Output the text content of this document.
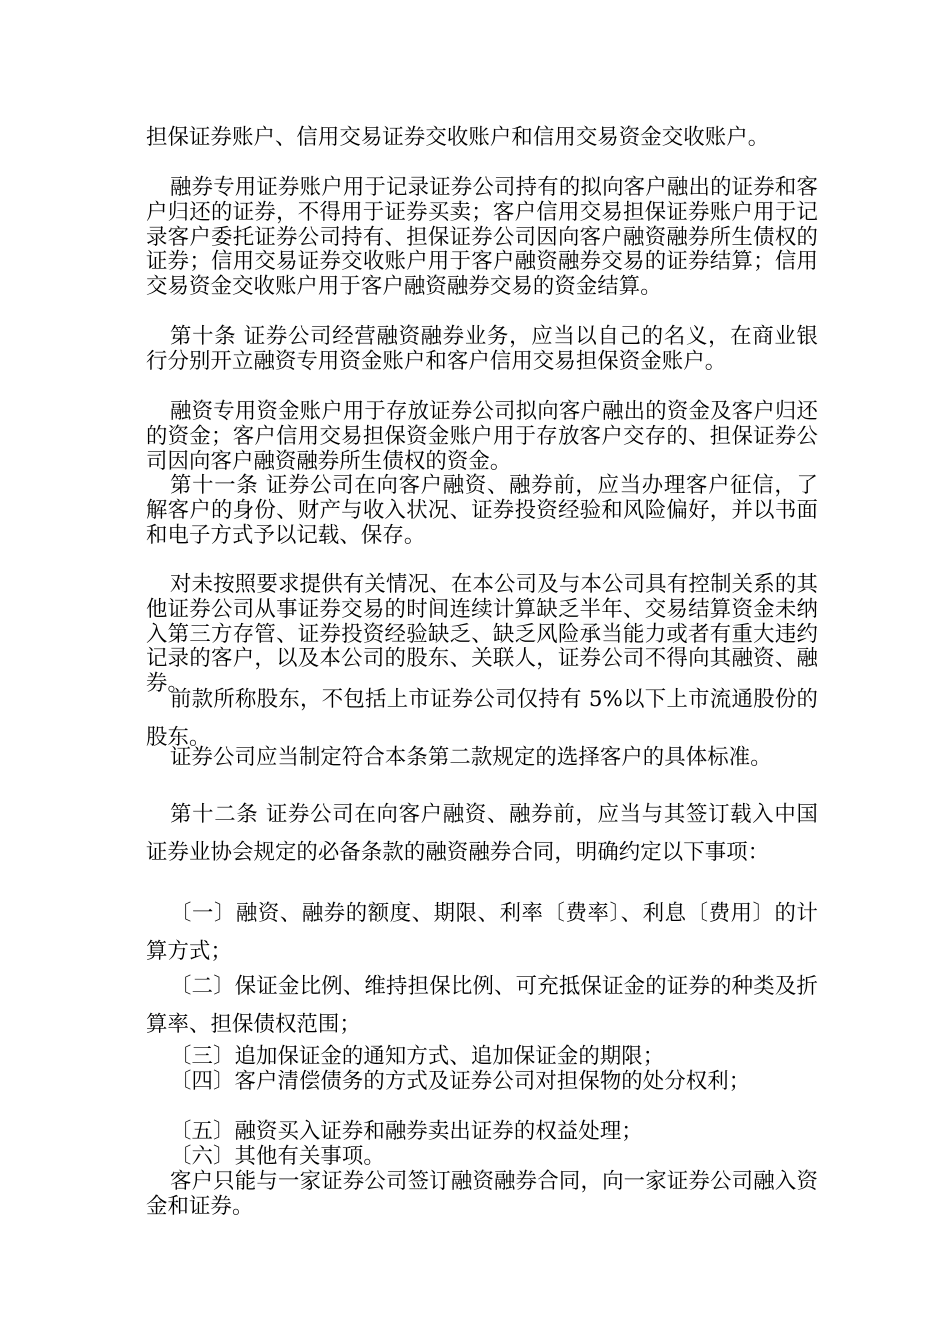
担保证券账户、信用交易证券交收账户和信用交易资金交收账户。

融券专用证券账户用于记录证券公司持有的拟向客户融出的证券和客户归还的证券，不得用于证券买卖；客户信用交易担保证券账户用于记录客户委托证券公司持有、担保证券公司因向客户融资融券所生债权的证券；信用交易证券交收账户用于客户融资融券交易的证券结算；信用交易资金交收账户用于客户融资融券交易的资金结算。

第十条 证券公司经营融资融券业务，应当以自己的名义，在商业银行分别开立融资专用资金账户和客户信用交易担保资金账户。

融资专用资金账户用于存放证券公司拟向客户融出的资金及客户归还的资金；客户信用交易担保资金账户用于存放客户交存的、担保证券公司因向客户融资融券所生债权的资金。

第十一条 证券公司在向客户融资、融券前，应当办理客户征信，了解客户的身份、财产与收入状况、证券投资经验和风险偏好，并以书面和电子方式予以记载、保存。

对未按照要求提供有关情况、在本公司及与本公司具有控制关系的其他证券公司从事证券交易的时间连续计算缺乏半年、交易结算资金未纳入第三方存管、证券投资经验缺乏、缺乏风险承当能力或者有重大违约记录的客户，以及本公司的股东、关联人，证券公司不得向其融资、融券。

前款所称股东，不包括上市证券公司仅持有 5%以下上市流通股份的股东。

证券公司应当制定符合本条第二款规定的选择客户的具体标准。

第十二条 证券公司在向客户融资、融券前，应当与其签订载入中国证券业协会规定的必备条款的融资融券合同，明确约定以下事项：

〔一〕融资、融券的额度、期限、利率〔费率〕、利息〔费用〕的计算方式；

〔二〕保证金比例、维持担保比例、可充抵保证金的证券的种类及折算率、担保债权范围；

〔三〕追加保证金的通知方式、追加保证金的期限；

〔四〕客户清偿债务的方式及证券公司对担保物的处分权利；

〔五〕融资买入证券和融券卖出证券的权益处理；

〔六〕其他有关事项。

客户只能与一家证券公司签订融资融券合同，向一家证券公司融入资金和证券。
